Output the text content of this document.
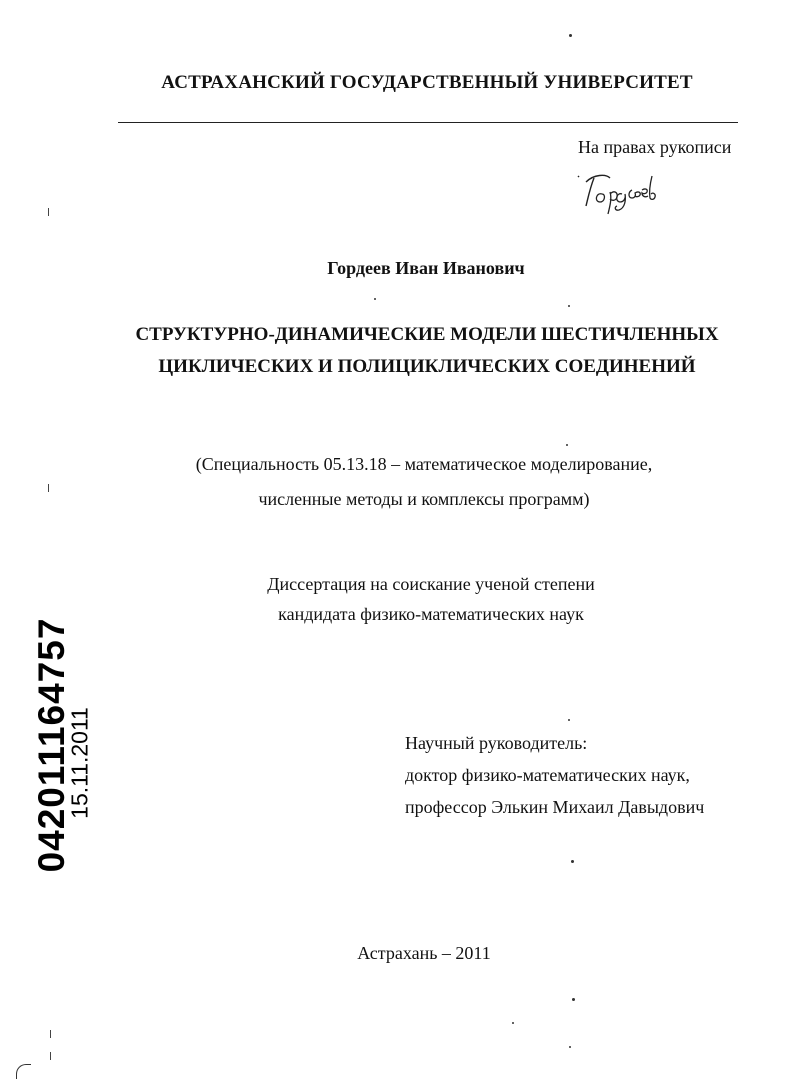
АСТРАХАНСКИЙ ГОСУДАРСТВЕННЫЙ УНИВЕРСИТЕТ
На правах рукописи
Гордеев Иван Иванович
СТРУКТУРНО-ДИНАМИЧЕСКИЕ МОДЕЛИ ШЕСТИЧЛЕННЫХ
ЦИКЛИЧЕСКИХ И ПОЛИЦИКЛИЧЕСКИХ СОЕДИНЕНИЙ
(Специальность 05.13.18 – математическое моделирование,
численные методы и комплексы программ)
Диссертация на соискание ученой степени
кандидата физико-математических наук
Научный руководитель:
доктор физико-математических наук,
профессор Элькин Михаил Давыдович
Астрахань – 2011
042011164757
15.11.2011
